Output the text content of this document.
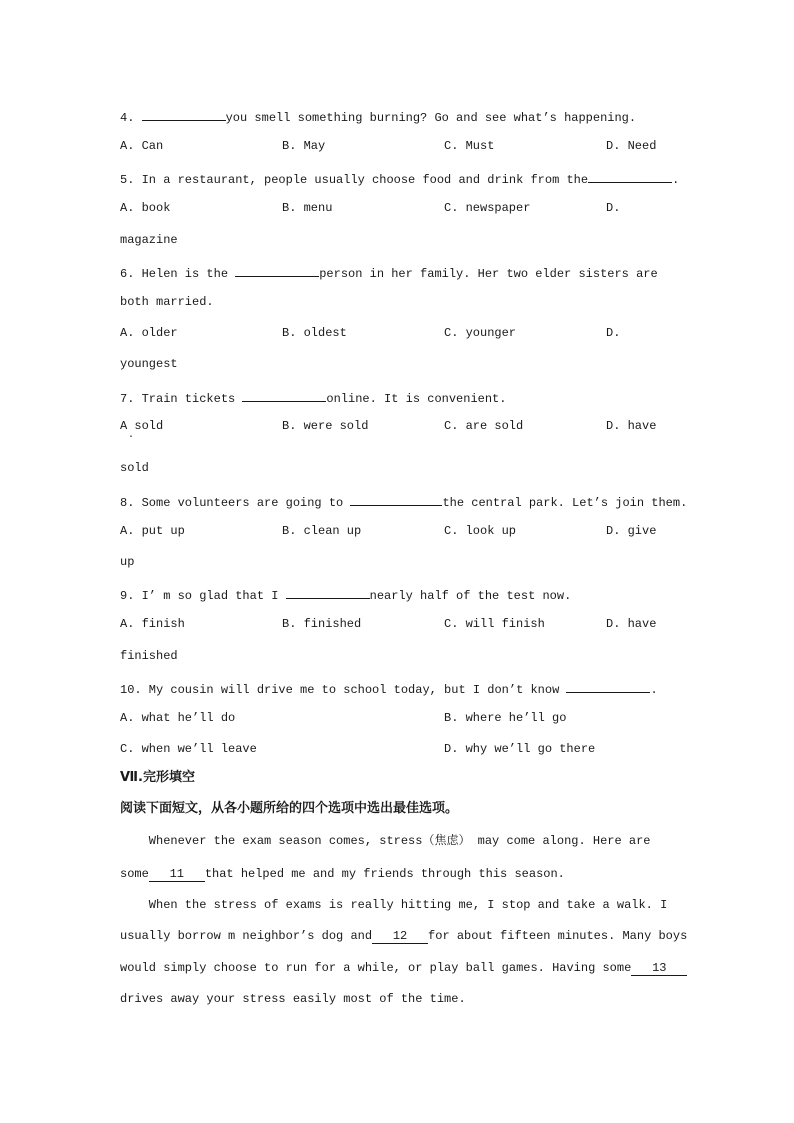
4.	you smell something burning? Go and see what’s happening.
A. Can	B. May	C. Must	D. Need
5. In a restaurant, people usually choose food and drink from the	.
A. book	B. menu	C. newspaper	D.
magazine
6. Helen is the	person in her family. Her two elder sisters are
both married.
A. older	B. oldest	C. younger	D.
youngest
7. Train tickets	online. It is convenient.
A sold	B. were sold	C. are sold	D. have
·
sold
8. Some volunteers are going to	the central park. Let’s join them.
A. put up	B. clean up	C. look up	D. give
up
9. I’ m so glad that I	nearly half of the test now.
A. finish	B. finished	C. will finish	D. have
finished
10. My cousin will drive me to school today, but I don’t know	.
A. what he’ll do	B. where he’ll go
C. when we’ll leave	D. why we’ll go there
Ⅶ.完形填空
阅读下面短文，从各小题所给的四个选项中选出最佳选项。
Whenever the exam season comes, stress（焦虑） may come along. Here are
some 11 that helped me and my friends through this season.
When the stress of exams is really hitting me, I stop and take a walk. I
usually borrow m neighbor’s dog and 12 for about fifteen minutes. Many boys
would simply choose to run for a while, or play ball games. Having some 13
drives away your stress easily most of the time.
